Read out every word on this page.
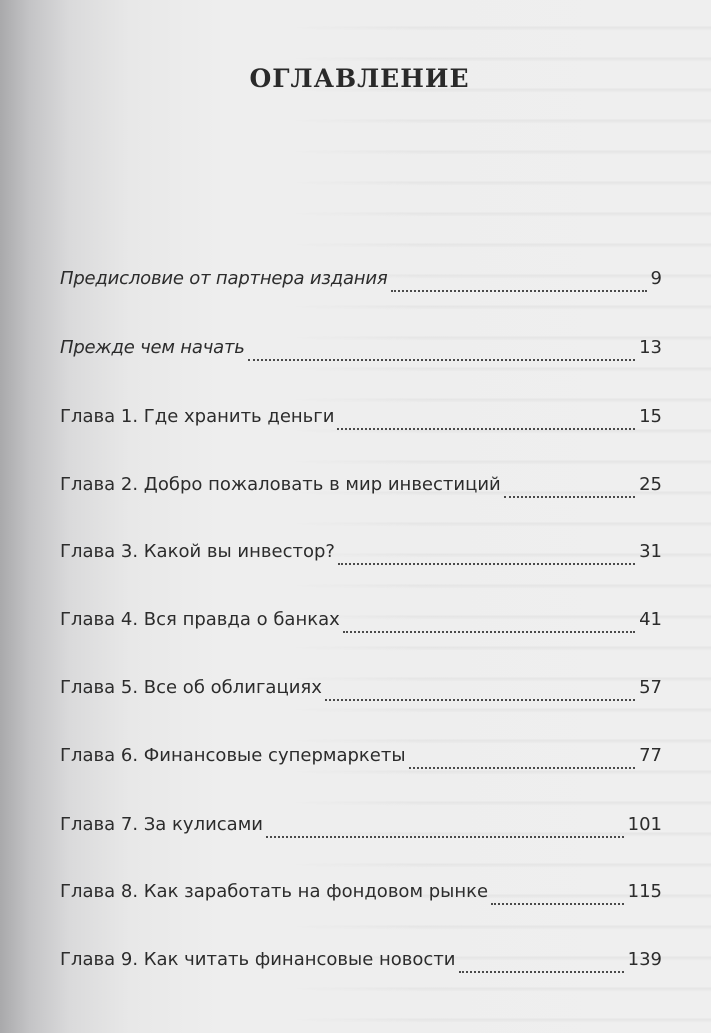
ОГЛАВЛЕНИЕ
Предисловие от партнера издания	9
Прежде чем начать	13
Глава 1. Где хранить деньги	15
Глава 2. Добро пожаловать в мир инвестиций	25
Глава 3. Какой вы инвестор?	31
Глава 4. Вся правда о банках	41
Глава 5. Все об облигациях	57
Глава 6. Финансовые супермаркеты	77
Глава 7. За кулисами	101
Глава 8. Как заработать на фондовом рынке	115
Глава 9. Как читать финансовые новости	139
